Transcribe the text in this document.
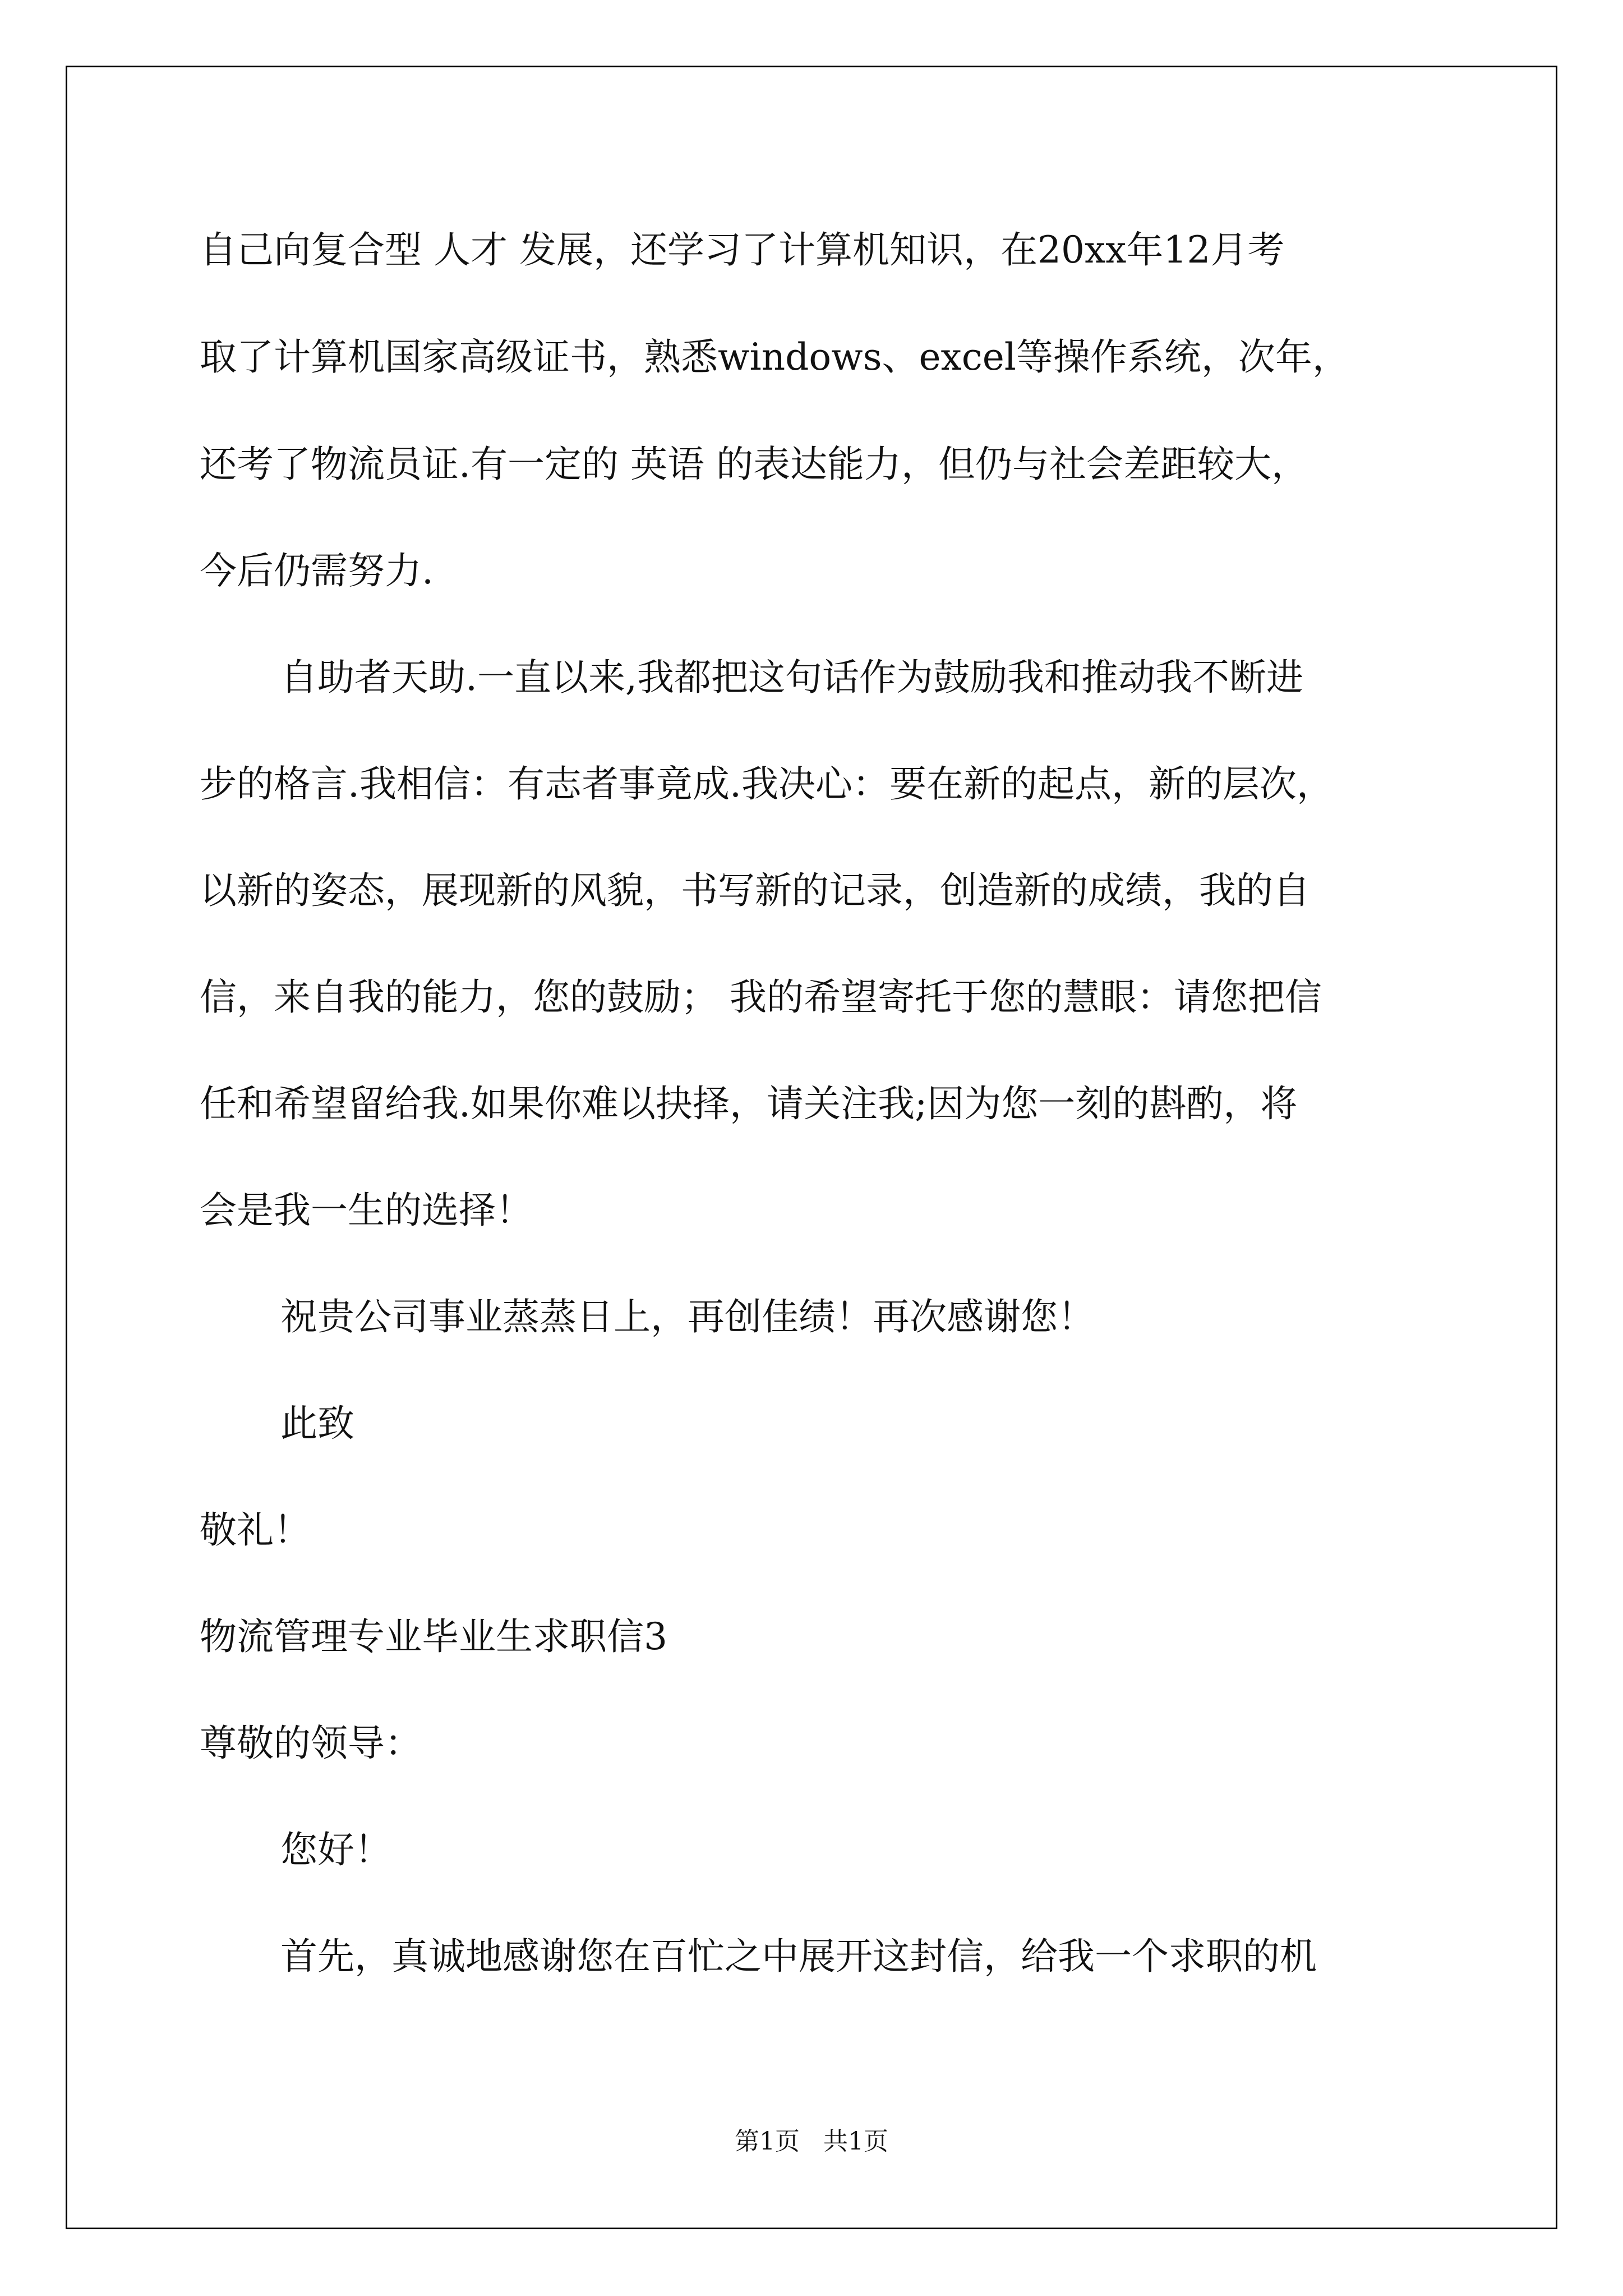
自己向复合型 人才 发展，还学习了计算机知识，在20xx年12月考
取了计算机国家高级证书，熟悉windows、excel等操作系统，次年，
还考了物流员证.有一定的 英语 的表达能力，但仍与社会差距较大，
今后仍需努力.
自助者天助.一直以来,我都把这句话作为鼓励我和推动我不断进
步的格言.我相信：有志者事竟成.我决心：要在新的起点，新的层次，
以新的姿态，展现新的风貌，书写新的记录，创造新的成绩，我的自
信，来自我的能力，您的鼓励； 我的希望寄托于您的慧眼：请您把信
任和希望留给我.如果你难以抉择，请关注我;因为您一刻的斟酌，将
会是我一生的选择！
祝贵公司事业蒸蒸日上，再创佳绩！再次感谢您！
此致
敬礼！
物流管理专业毕业生求职信3
尊敬的领导：
您好！
首先，真诚地感谢您在百忙之中展开这封信，给我一个求职的机
第1页   共1页
